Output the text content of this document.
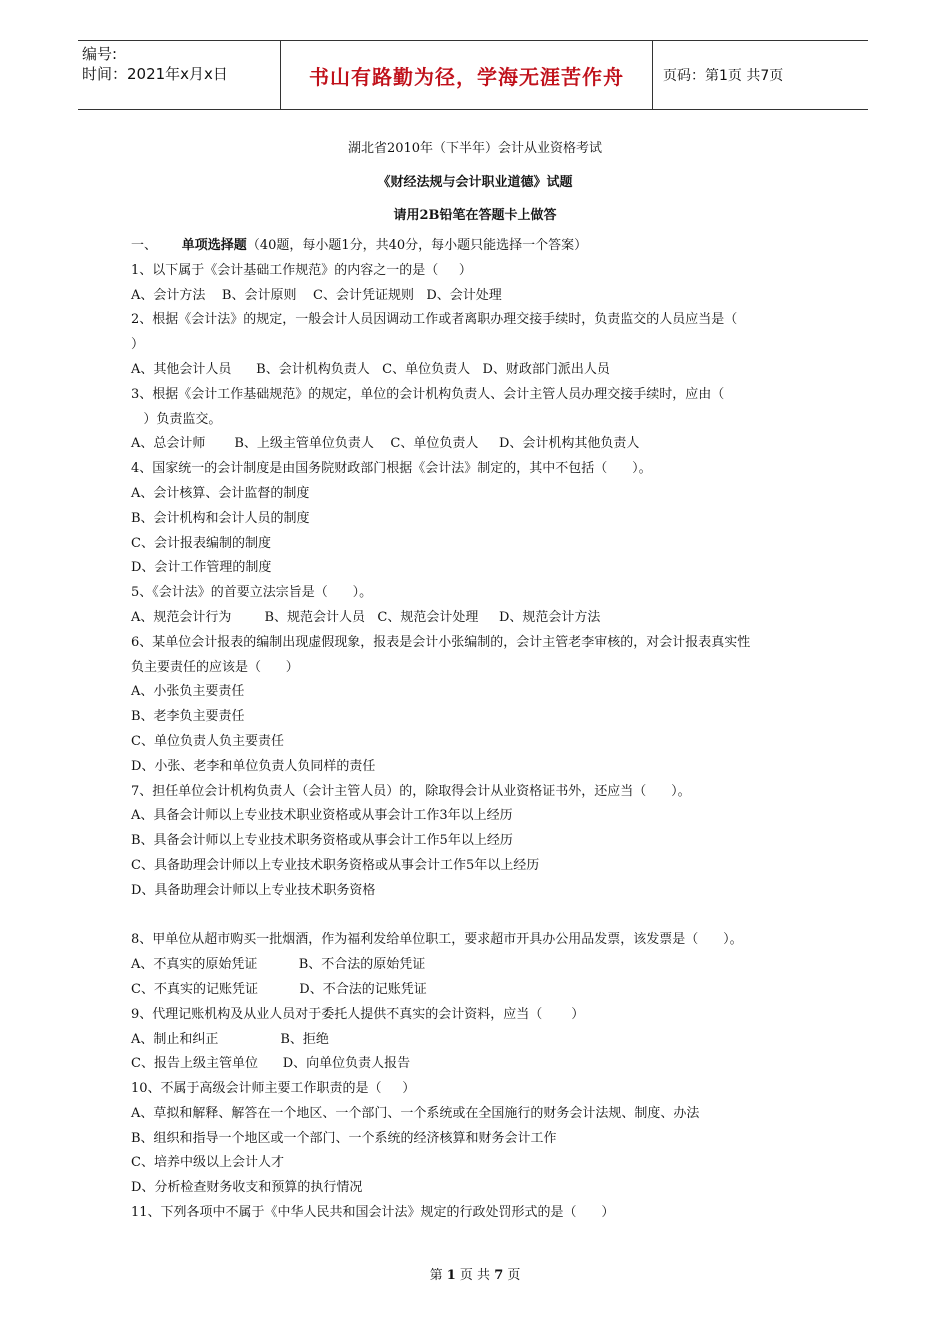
编号:
时间：2021年x月x日	书山有路勤为径，学海无涯苦作舟	页码：第1页 共7页
湖北省2010年（下半年）会计从业资格考试
《财经法规与会计职业道德》试题
请用2B铅笔在答题卡上做答
一、      单项选择题（40题，每小题1分，共40分，每小题只能选择一个答案）
1、以下属于《会计基础工作规范》的内容之一的是（     ）
A、会计方法    B、会计原则    C、会计凭证规则   D、会计处理
2、根据《会计法》的规定，一般会计人员因调动工作或者离职办理交接手续时，负责监交的人员应当是（
）
A、其他会计人员      B、会计机构负责人   C、单位负责人   D、财政部门派出人员
3、根据《会计工作基础规范》的规定，单位的会计机构负责人、会计主管人员办理交接手续时，应由（
）负责监交。
A、总会计师       B、上级主管单位负责人    C、单位负责人     D、会计机构其他负责人
4、国家统一的会计制度是由国务院财政部门根据《会计法》制定的，其中不包括（      ）。
A、会计核算、会计监督的制度
B、会计机构和会计人员的制度
C、会计报表编制的制度
D、会计工作管理的制度
5、《会计法》的首要立法宗旨是（      ）。
A、规范会计行为        B、规范会计人员   C、规范会计处理     D、规范会计方法
6、某单位会计报表的编制出现虚假现象，报表是会计小张编制的，会计主管老李审核的，对会计报表真实性
负主要责任的应该是（      ）
A、小张负主要责任
B、老李负主要责任
C、单位负责人负主要责任
D、小张、老李和单位负责人负同样的责任
7、担任单位会计机构负责人（会计主管人员）的，除取得会计从业资格证书外，还应当（      ）。
A、具备会计师以上专业技术职业资格或从事会计工作3年以上经历
B、具备会计师以上专业技术职务资格或从事会计工作5年以上经历
C、具备助理会计师以上专业技术职务资格或从事会计工作5年以上经历
D、具备助理会计师以上专业技术职务资格
8、甲单位从超市购买一批烟酒，作为福利发给单位职工，要求超市开具办公用品发票，该发票是（      ）。
A、不真实的原始凭证          B、不合法的原始凭证
C、不真实的记账凭证          D、不合法的记账凭证
9、代理记账机构及从业人员对于委托人提供不真实的会计资料，应当（       ）
A、制止和纠正               B、拒绝
C、报告上级主管单位      D、向单位负责人报告
10、不属于高级会计师主要工作职责的是（     ）
A、草拟和解释、解答在一个地区、一个部门、一个系统或在全国施行的财务会计法规、制度、办法
B、组织和指导一个地区或一个部门、一个系统的经济核算和财务会计工作
C、培养中级以上会计人才
D、分析检查财务收支和预算的执行情况
11、下列各项中不属于《中华人民共和国会计法》规定的行政处罚形式的是（      ）
第 1 页 共 7 页
